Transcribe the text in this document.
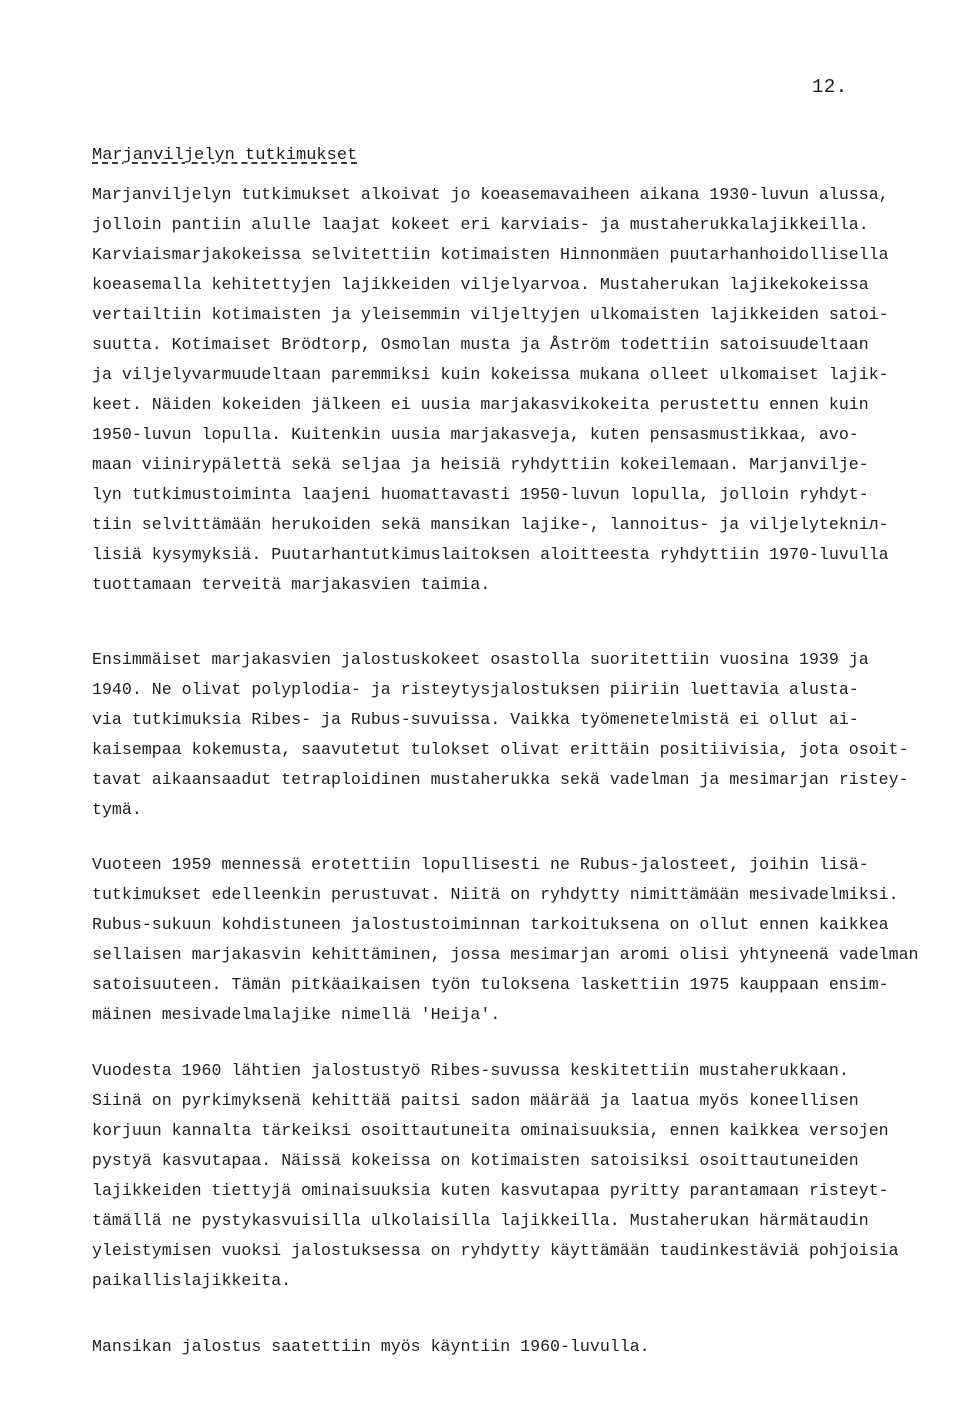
12.
Marjanviljelyn tutkimukset
Marjanviljelyn tutkimukset alkoivat jo koeasemavaiheen aikana 1930-luvun alussa,
jolloin pantiin alulle laajat kokeet eri karviais- ja mustaherukkalajikkeilla.
Karviaismarjakokeissa selvitettiin kotimaisten Hinnonmäen puutarhanhoidollisella
koeasemalla kehitettyjen lajikkeiden viljelyarvoa. Mustaherukan lajikekokeissa
vertailtiin kotimaisten ja yleisemmin viljeltyjen ulkomaisten lajikkeiden satoi-
suutta. Kotimaiset Brödtorp, Osmolan musta ja Åström todettiin satoisuudeltaan
ja viljelyvarmuudeltaan paremmiksi kuin kokeissa mukana olleet ulkomaiset lajik-
keet. Näiden kokeiden jälkeen ei uusia marjakasvikokeita perustettu ennen kuin
1950-luvun lopulla. Kuitenkin uusia marjakasveja, kuten pensasmustikkaa, avo-
maan viinirypälettä sekä seljaa ja heisiä ryhdyttiin kokeilemaan. Marjanvilje-
lyn tutkimustoiminta laajeni huomattavasti 1950-luvun lopulla, jolloin ryhdyt-
tiin selvittämään herukoiden sekä mansikan lajike-, lannoitus- ja viljelytekniл-
lisiä kysymyksiä. Puutarhantutkimuslaitoksen aloitteesta ryhdyttiin 1970-luvulla
tuottamaan terveitä marjakasvien taimia.
Ensimmäiset marjakasvien jalostuskokeet osastolla suoritettiin vuosina 1939 ja
1940. Ne olivat polyplodia- ja risteytysjalostuksen piiriin luettavia alusta-
via tutkimuksia Ribes- ja Rubus-suvuissa. Vaikka työmenetelmistä ei ollut ai-
kaisempaa kokemusta, saavutetut tulokset olivat erittäin positiivisia, jota osoit-
tavat aikaansaadut tetraploidinen mustaherukka sekä vadelman ja mesimarjan ristey-
tymä.
Vuoteen 1959 mennessä erotettiin lopullisesti ne Rubus-jalosteet, joihin lisä-
tutkimukset edelleenkin perustuvat. Niitä on ryhdytty nimittämään mesivadelmiksi.
Rubus-sukuun kohdistuneen jalostustoiminnan tarkoituksena on ollut ennen kaikkea
sellaisen marjakasvin kehittäminen, jossa mesimarjan aromi olisi yhtyneenä vadelman
satoisuuteen. Tämän pitkäaikaisen työn tuloksena laskettiin 1975 kauppaan ensim-
mäinen mesivadelmalajike nimellä 'Heija'.
Vuodesta 1960 lähtien jalostustyö Ribes-suvussa keskitettiin mustaherukkaan.
Siinä on pyrkimyksenä kehittää paitsi sadon määrää ja laatua myös koneellisen
korjuun kannalta tärkeiksi osoittautuneita ominaisuuksia, ennen kaikkea versojen
pystyä kasvutapaa. Näissä kokeissa on kotimaisten satoisiksi osoittautuneiden
lajikkeiden tiettyjä ominaisuuksia kuten kasvutapaa pyritty parantamaan risteyt-
tämällä ne pystykasvuisilla ulkolaisilla lajikkeilla. Mustaherukan härmätaudin
yleistymisen vuoksi jalostuksessa on ryhdytty käyttämään taudinkestäviä pohjoisia
paikallislajikkeita.
Mansikan jalostus saatettiin myös käyntiin 1960-luvulla.
